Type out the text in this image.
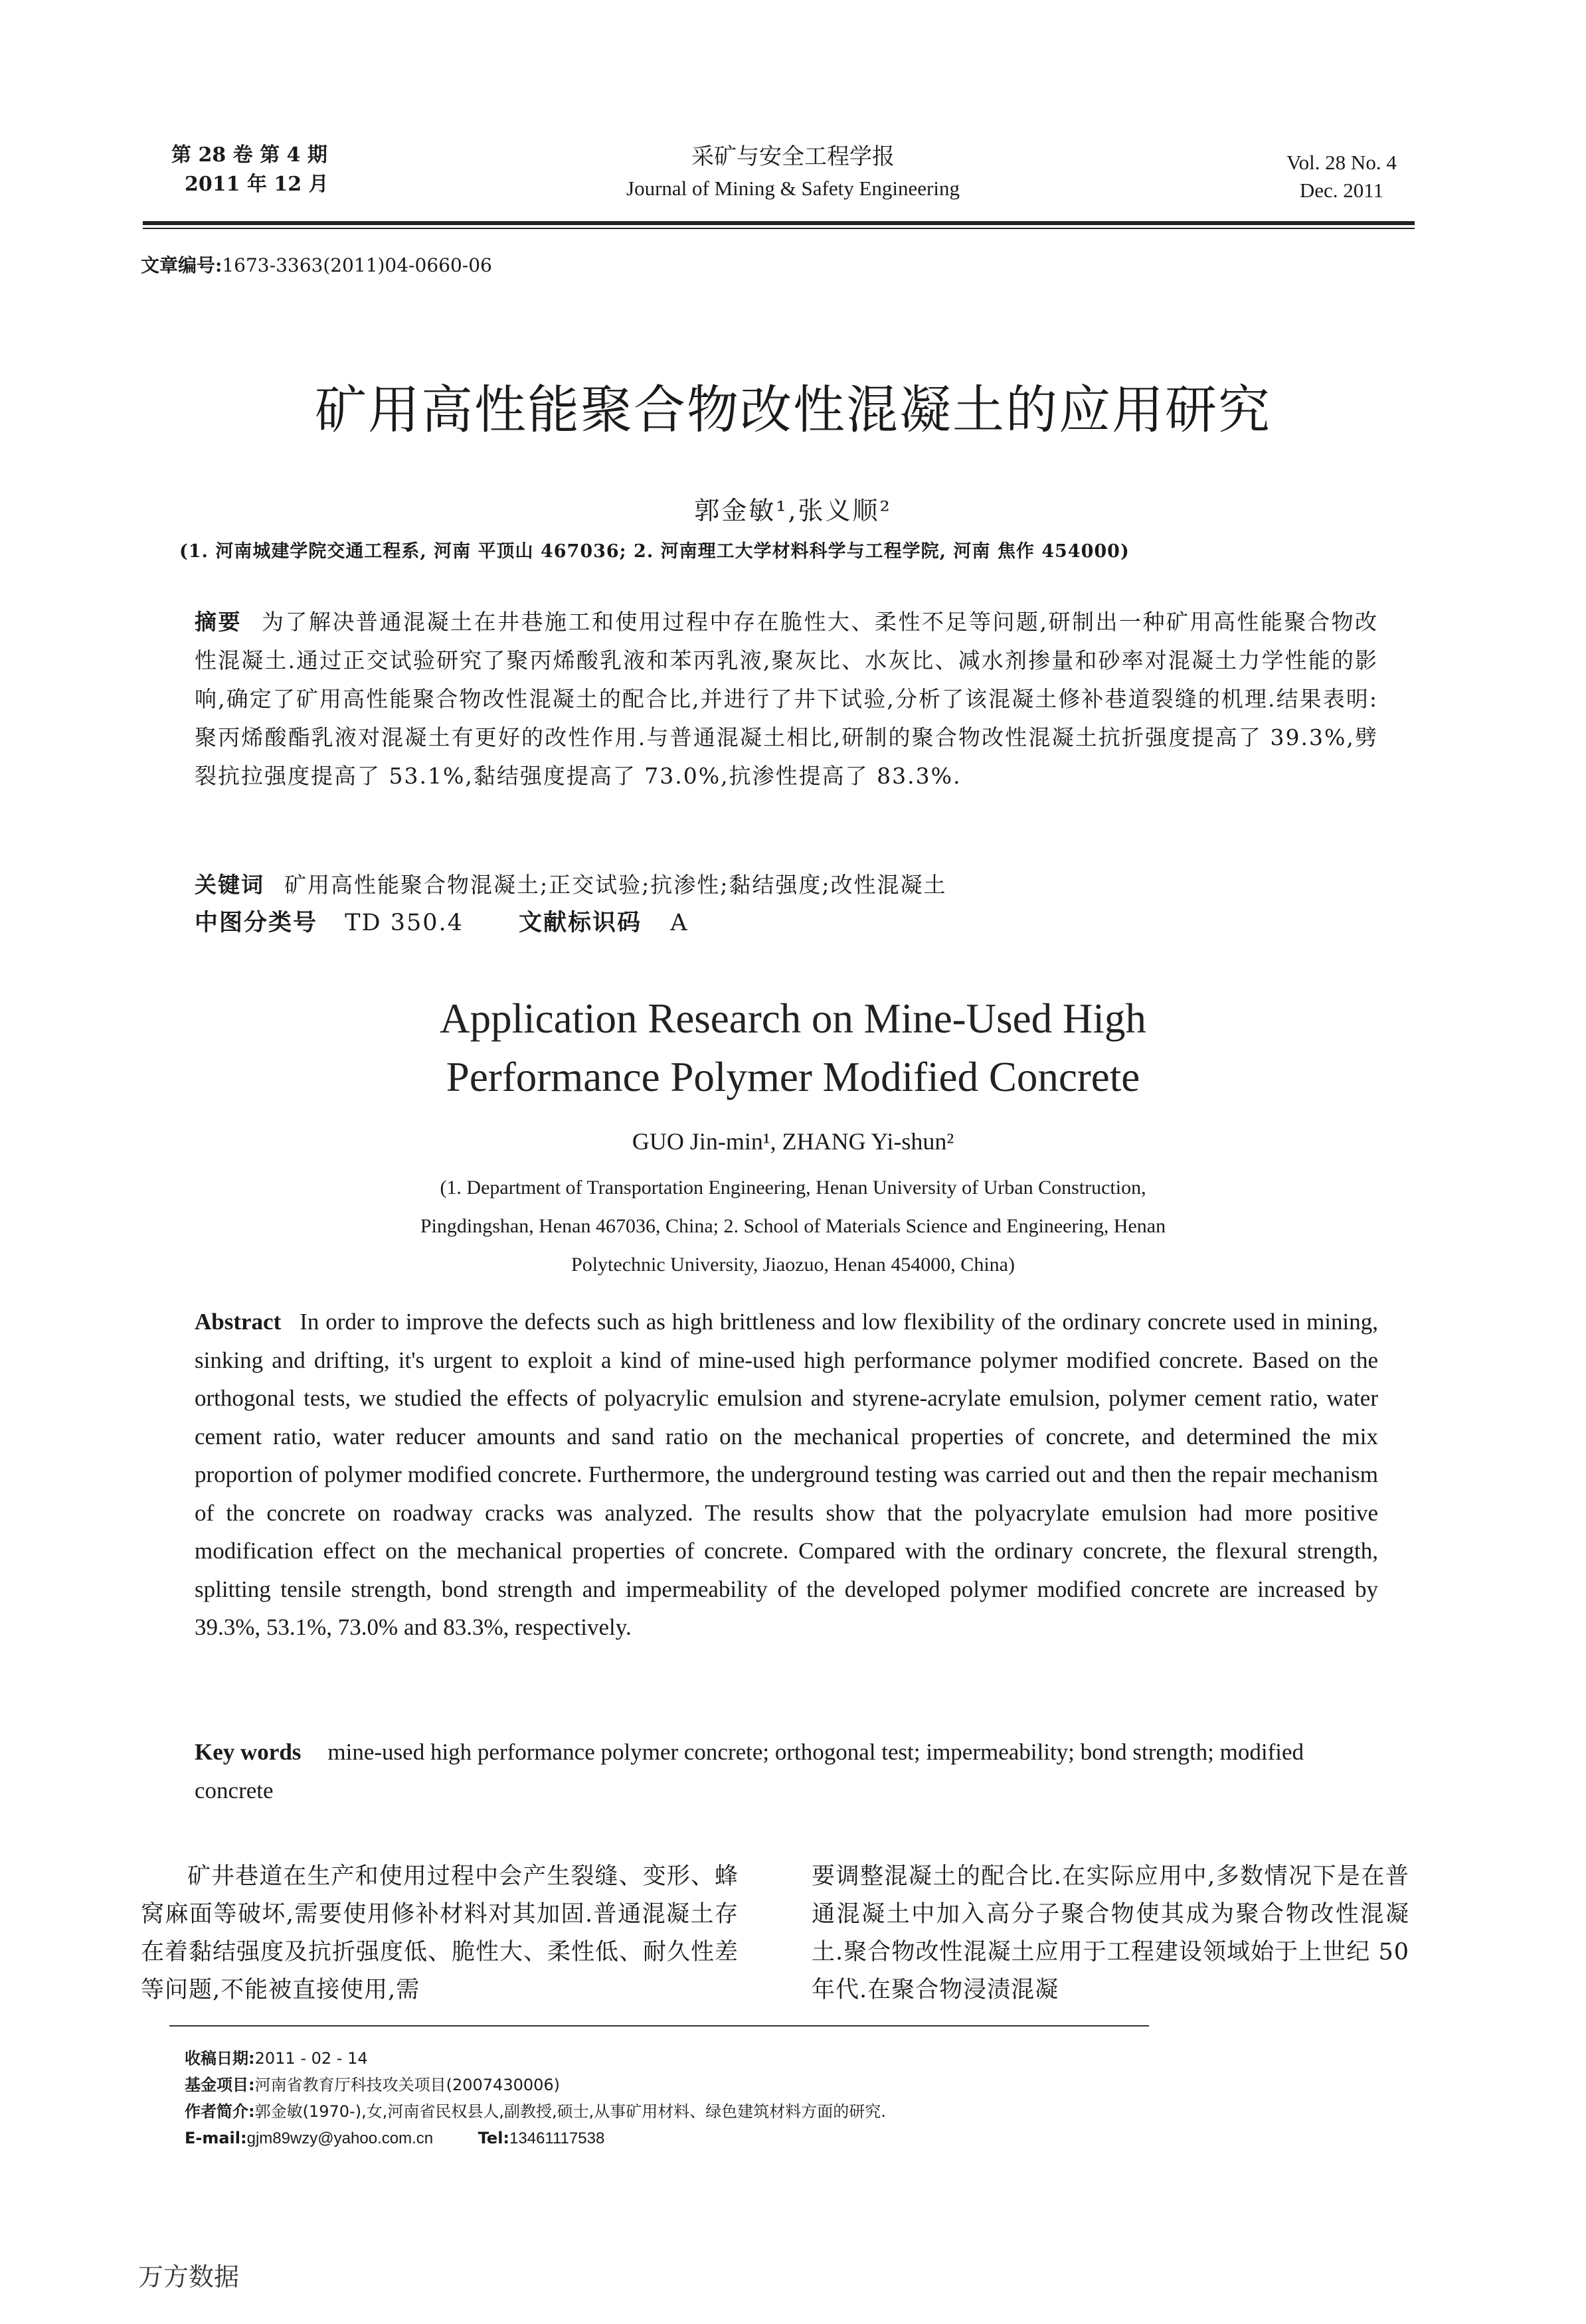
第 28 卷 第 4 期
2011 年 12 月
采矿与安全工程学报
Journal of Mining & Safety Engineering
Vol. 28 No. 4
Dec. 2011
文章编号:1673-3363(2011)04-0660-06
矿用高性能聚合物改性混凝土的应用研究
郭金敏¹,张义顺²
(1. 河南城建学院交通工程系, 河南 平顶山 467036; 2. 河南理工大学材料科学与工程学院, 河南 焦作 454000)
摘要 为了解决普通混凝土在井巷施工和使用过程中存在脆性大、柔性不足等问题,研制出一种矿用高性能聚合物改性混凝土.通过正交试验研究了聚丙烯酸乳液和苯丙乳液,聚灰比、水灰比、减水剂掺量和砂率对混凝土力学性能的影响,确定了矿用高性能聚合物改性混凝土的配合比,并进行了井下试验,分析了该混凝土修补巷道裂缝的机理.结果表明:聚丙烯酸酯乳液对混凝土有更好的改性作用.与普通混凝土相比,研制的聚合物改性混凝土抗折强度提高了 39.3%,劈裂抗拉强度提高了 53.1%,黏结强度提高了 73.0%,抗渗性提高了 83.3%.
关键词 矿用高性能聚合物混凝土;正交试验;抗渗性;黏结强度;改性混凝土
中图分类号 TD 350.4 文献标识码 A
Application Research on Mine-Used High
Performance Polymer Modified Concrete
GUO Jin-min¹, ZHANG Yi-shun²
(1. Department of Transportation Engineering, Henan University of Urban Construction,
Pingdingshan, Henan 467036, China; 2. School of Materials Science and Engineering, Henan
Polytechnic University, Jiaozuo, Henan 454000, China)
Abstract In order to improve the defects such as high brittleness and low flexibility of the ordinary concrete used in mining, sinking and drifting, it's urgent to exploit a kind of mine-used high performance polymer modified concrete. Based on the orthogonal tests, we studied the effects of polyacrylic emulsion and styrene-acrylate emulsion, polymer cement ratio, water cement ratio, water reducer amounts and sand ratio on the mechanical properties of concrete, and determined the mix proportion of polymer modified concrete. Furthermore, the underground testing was carried out and then the repair mechanism of the concrete on roadway cracks was analyzed. The results show that the polyacrylate emulsion had more positive modification effect on the mechanical properties of concrete. Compared with the ordinary concrete, the flexural strength, splitting tensile strength, bond strength and impermeability of the developed polymer modified concrete are increased by 39.3%, 53.1%, 73.0% and 83.3%, respectively.
Key words mine-used high performance polymer concrete; orthogonal test; impermeability; bond strength; modified concrete
矿井巷道在生产和使用过程中会产生裂缝、变形、蜂窝麻面等破坏,需要使用修补材料对其加固.普通混凝土存在着黏结强度及抗折强度低、脆性大、柔性低、耐久性差等问题,不能被直接使用,需
要调整混凝土的配合比.在实际应用中,多数情况下是在普通混凝土中加入高分子聚合物使其成为聚合物改性混凝土.聚合物改性混凝土应用于工程建设领域始于上世纪 50 年代.在聚合物浸渍混凝
收稿日期:2011 - 02 - 14
基金项目:河南省教育厅科技攻关项目(2007430006)
作者简介:郭金敏(1970-),女,河南省民权县人,副教授,硕士,从事矿用材料、绿色建筑材料方面的研究.
E-mail:gjm89wzy@yahoo.com.cn	Tel:13461117538
万方数据
